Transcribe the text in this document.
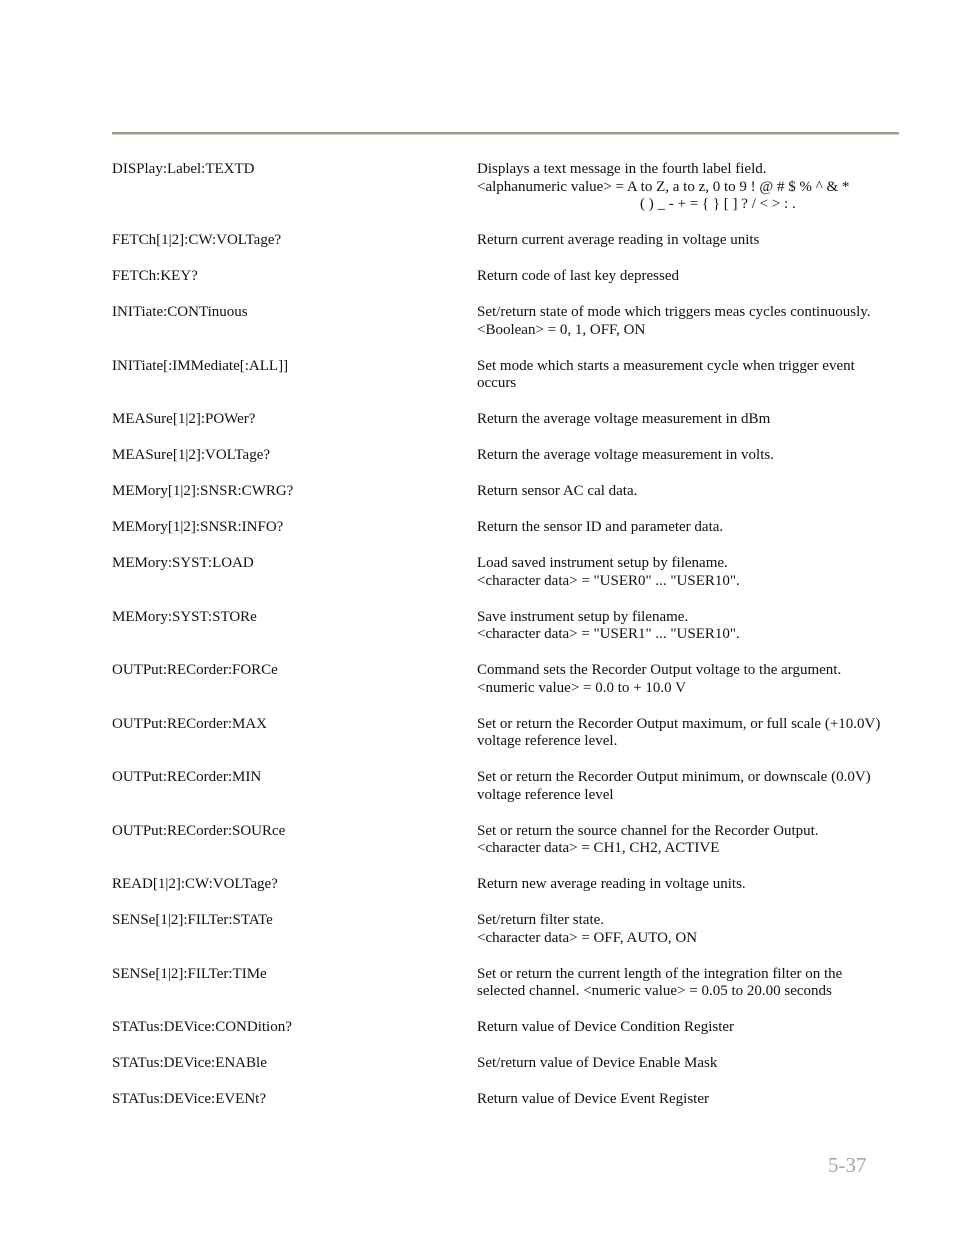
DISPlay:Label:TEXTD	Displays a text message in the fourth label field.
<alphanumeric value> = A to Z, a to z, 0 to 9 ! @ # $ % ^ & *
( ) _ - + = { } [ ] ? / < > : .
FETCh[1|2]:CW:VOLTage?	Return current average reading in voltage units
FETCh:KEY?	Return code of last key depressed
INITiate:CONTinuous	Set/return state of mode which triggers meas cycles continuously.
<Boolean> = 0, 1, OFF, ON
INITiate[:IMMediate[:ALL]]	Set mode which starts a measurement cycle when trigger event
occurs
MEASure[1|2]:POWer?	Return the average voltage measurement in dBm
MEASure[1|2]:VOLTage?	Return the average voltage measurement in volts.
MEMory[1|2]:SNSR:CWRG?	Return sensor AC cal data.
MEMory[1|2]:SNSR:INFO?	Return the sensor ID and parameter data.
MEMory:SYST:LOAD	Load saved instrument setup by filename.
<character data> = "USER0" ... "USER10".
MEMory:SYST:STORe	Save instrument setup by filename.
<character data> = "USER1" ... "USER10".
OUTPut:RECorder:FORCe	Command sets the Recorder Output voltage to the argument.
<numeric value> = 0.0 to + 10.0 V
OUTPut:RECorder:MAX	Set or return the Recorder Output maximum, or full scale (+10.0V)
voltage reference level.
OUTPut:RECorder:MIN	Set or return the Recorder Output minimum, or downscale (0.0V)
voltage reference level
OUTPut:RECorder:SOURce	Set or return the source channel for the Recorder Output.
<character data> = CH1, CH2, ACTIVE
READ[1|2]:CW:VOLTage?	Return new average reading in voltage units.
SENSe[1|2]:FILTer:STATe	Set/return filter state.
<character data> = OFF, AUTO, ON
SENSe[1|2]:FILTer:TIMe	Set or return the current length of the integration filter on the
selected channel. <numeric value> = 0.05 to 20.00 seconds
STATus:DEVice:CONDition?	Return value of Device Condition Register
STATus:DEVice:ENABle	Set/return value of Device Enable Mask
STATus:DEVice:EVENt?	Return value of Device Event Register
5-37
